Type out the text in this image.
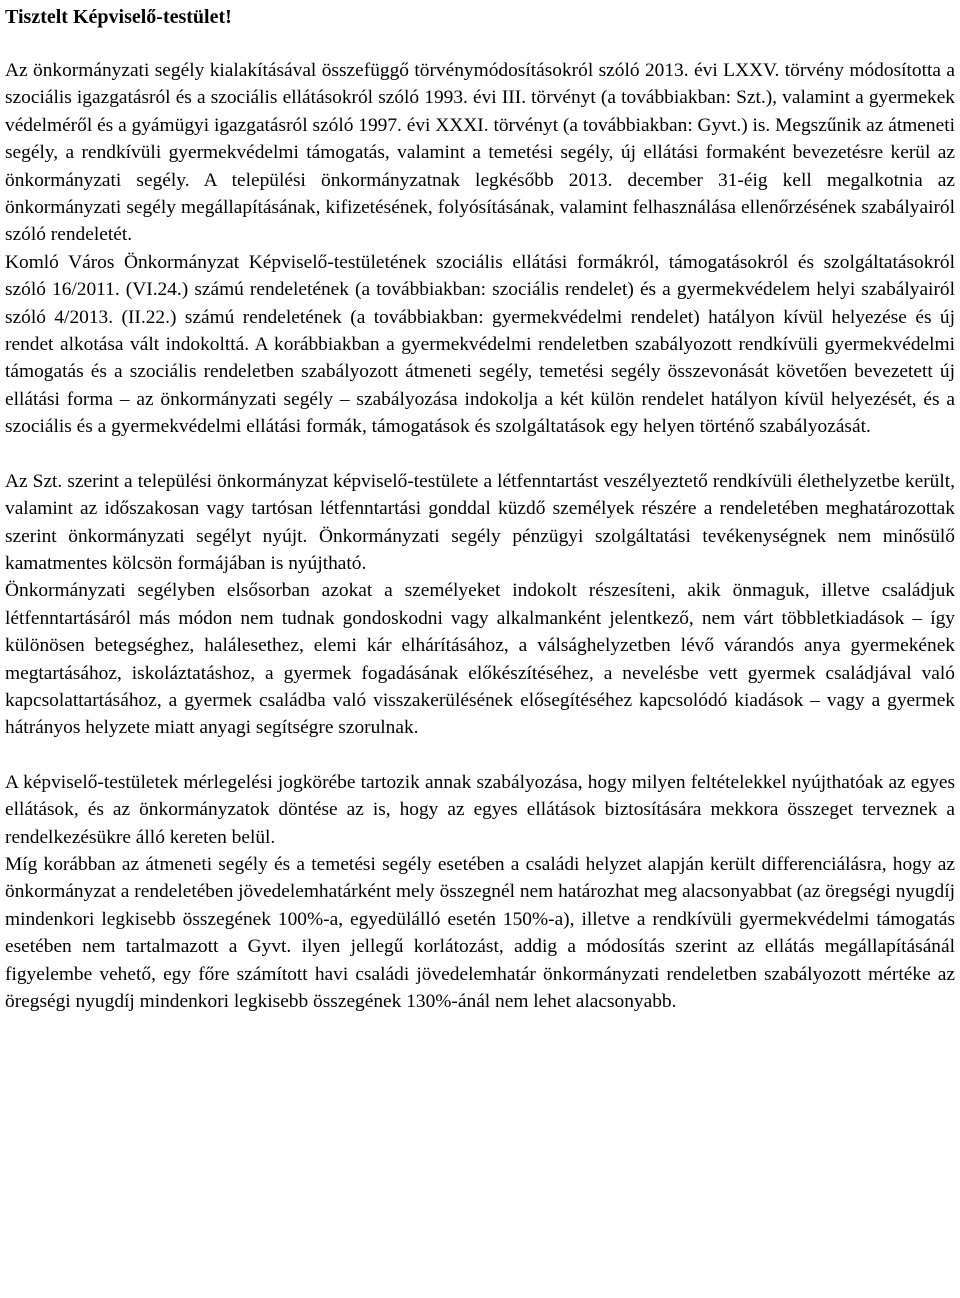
Tisztelt Képviselő-testület!

Az önkormányzati segély kialakításával összefüggő törvénymódosításokról szóló 2013. évi LXXV. törvény módosította a szociális igazgatásról és a szociális ellátásokról szóló 1993. évi III. törvényt (a továbbiakban: Szt.), valamint a gyermekek védelméről és a gyámügyi igazgatásról szóló 1997. évi XXXI. törvényt (a továbbiakban: Gyvt.) is. Megszűnik az átmeneti segély, a rendkívüli gyermekvédelmi támogatás, valamint a temetési segély, új ellátási formaként bevezetésre kerül az önkormányzati segély. A települési önkormányzatnak legkésőbb 2013. december 31-éig kell megalkotnia az önkormányzati segély megállapításának, kifizetésének, folyósításának, valamint felhasználása ellenőrzésének szabályairól szóló rendeletét.

Komló Város Önkormányzat Képviselő-testületének szociális ellátási formákról, támogatásokról és szolgáltatásokról szóló 16/2011. (VI.24.) számú rendeletének (a továbbiakban: szociális rendelet) és a gyermekvédelem helyi szabályairól szóló 4/2013. (II.22.) számú rendeletének (a továbbiakban: gyermekvédelmi rendelet) hatályon kívül helyezése és új rendet alkotása vált indokolttá. A korábbiakban a gyermekvédelmi rendeletben szabályozott rendkívüli gyermekvédelmi támogatás és a szociális rendeletben szabályozott átmeneti segély, temetési segély összevonását követően bevezetett új ellátási forma – az önkormányzati segély – szabályozása indokolja a két külön rendelet hatályon kívül helyezését, és a szociális és a gyermekvédelmi ellátási formák, támogatások és szolgáltatások egy helyen történő szabályozását.

Az Szt. szerint a települési önkormányzat képviselő-testülete a létfenntartást veszélyeztető rendkívüli élethelyzetbe került, valamint az időszakosan vagy tartósan létfenntartási gonddal küzdő személyek részére a rendeletében meghatározottak szerint önkormányzati segélyt nyújt. Önkormányzati segély pénzügyi szolgáltatási tevékenységnek nem minősülő kamatmentes kölcsön formájában is nyújtható.

Önkormányzati segélyben elsősorban azokat a személyeket indokolt részesíteni, akik önmaguk, illetve családjuk létfenntartásáról más módon nem tudnak gondoskodni vagy alkalmanként jelentkező, nem várt többletkiadások – így különösen betegséghez, halálesethez, elemi kár elhárításához, a válsághelyzetben lévő várandós anya gyermekének megtartásához, iskoláztatáshoz, a gyermek fogadásának előkészítéséhez, a nevelésbe vett gyermek családjával való kapcsolattartásához, a gyermek családba való visszakerülésének elősegítéséhez kapcsolódó kiadások – vagy a gyermek hátrányos helyzete miatt anyagi segítségre szorulnak.

A képviselő-testületek mérlegelési jogkörébe tartozik annak szabályozása, hogy milyen feltételekkel nyújthatóak az egyes ellátások, és az önkormányzatok döntése az is, hogy az egyes ellátások biztosítására mekkora összeget terveznek a rendelkezésükre álló kereten belül.

Míg korábban az átmeneti segély és a temetési segély esetében a családi helyzet alapján került differenciálásra, hogy az önkormányzat a rendeletében jövedelemhatárként mely összegnél nem határozhat meg alacsonyabbat (az öregségi nyugdíj mindenkori legkisebb összegének 100%-a, egyedülálló esetén 150%-a), illetve a rendkívüli gyermekvédelmi támogatás esetében nem tartalmazott a Gyvt. ilyen jellegű korlátozást, addig a módosítás szerint az ellátás megállapításánál figyelembe vehető, egy főre számított havi családi jövedelemhatár önkormányzati rendeletben szabályozott mértéke az öregségi nyugdíj mindenkori legkisebb összegének 130%-ánál nem lehet alacsonyabb.
